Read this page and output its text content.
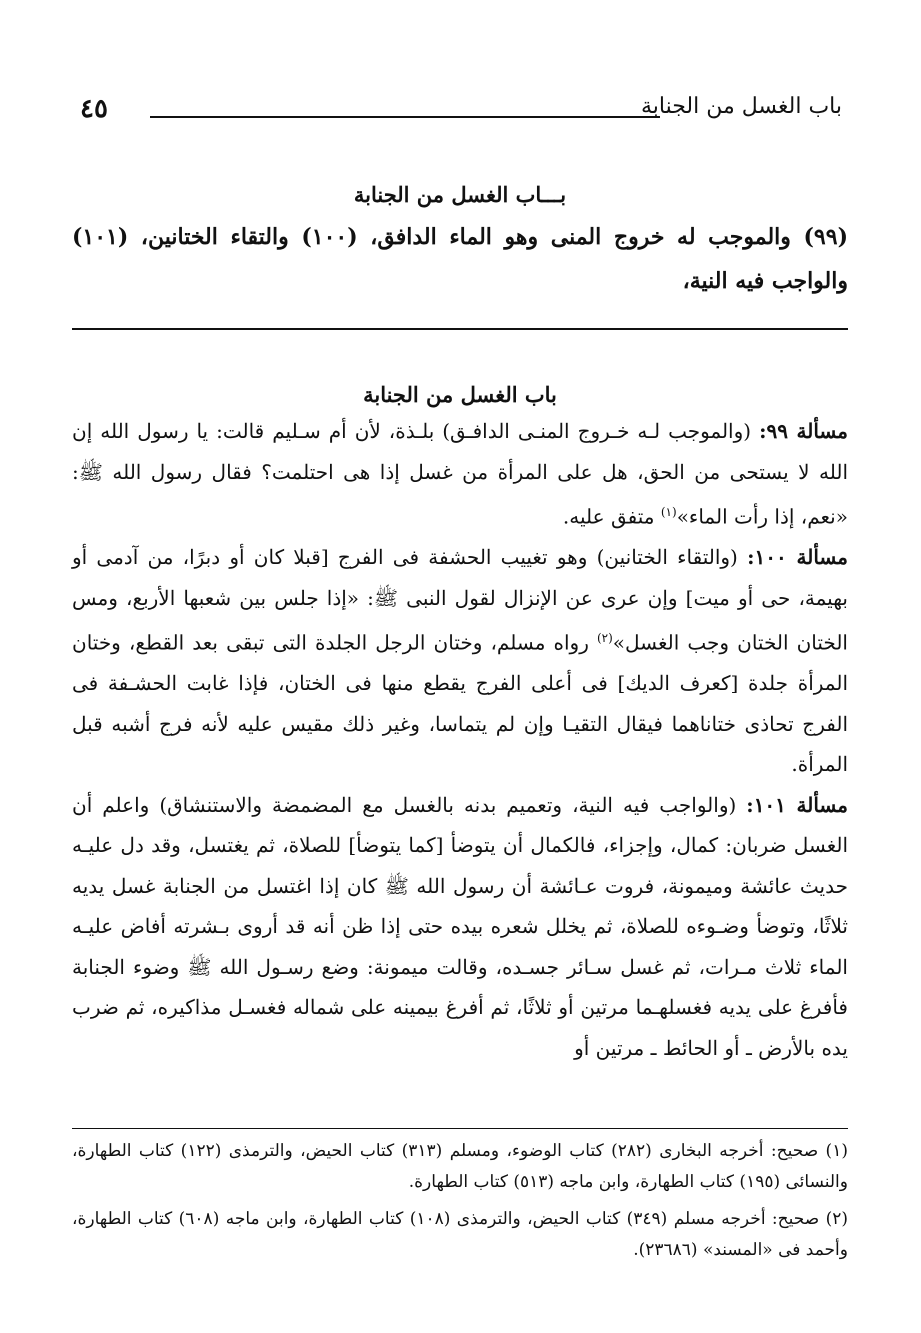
٤٥	باب الغسل من الجنابة
بـــاب الغسل من الجنابة
(٩٩) والموجب له خروج المنى وهو الماء الدافق، (١٠٠) والتقاء الختانين، (١٠١) والواجب فيه النية،
باب الغسل من الجنابة

مسألة ٩٩: (والموجب لـه خـروج المنـى الدافـق) بلـذة، لأن أم سـليم قالت: يا رسول الله إن الله لا يستحى من الحق، هل على المرأة من غسل إذا هى احتلمت؟ فقال رسول الله ﷺ: «نعم، إذا رأت الماء»$^{(١)}$ متفق عليه.

مسألة ١٠٠: (والتقاء الختانين) وهو تغييب الحشفة فى الفرج [قبلا كان أو دبرًا، من آدمى أو بهيمة، حى أو ميت] وإن عرى عن الإنزال لقول النبى ﷺ: «إذا جلس بين شعبها الأربع، ومس الختان الختان وجب الغسل»$^{(٢)}$ رواه مسلم، وختان الرجل الجلدة التى تبقى بعد القطع، وختان المرأة جلدة [كعرف الديك] فى أعلى الفرج يقطع منها فى الختان، فإذا غابت الحشـفة فى الفرج تحاذى ختاناهما فيقال التقيـا وإن لم يتماسا، وغير ذلك مقيس عليه لأنه فرج أشبه قبل المرأة.

مسألة ١٠١: (والواجب فيه النية، وتعميم بدنه بالغسل مع المضمضة والاستنشاق) واعلم أن الغسل ضربان: كمال، وإجزاء، فالكمال أن يتوضأ [كما يتوضأ] للصلاة، ثم يغتسل، وقد دل عليـه حديث عائشة وميمونة، فروت عـائشة أن رسول الله ﷺ كان إذا اغتسل من الجنابة غسل يديه ثلاثًا، وتوضأ وضـوءه للصلاة، ثم يخلل شعره بيده حتى إذا ظن أنه قد أروى بـشرته أفاض عليـه الماء ثلاث مـرات، ثم غسل سـائر جسـده، وقالت ميمونة: وضع رسـول الله ﷺ وضوء الجنابة فأفرغ على يديه فغسلهـما مرتين أو ثلاثًا، ثم أفرغ بيمينه على شماله فغسـل مذاكيره، ثم ضرب يده بالأرض ـ أو الحائط ـ مرتين أو

(١) صحيح: أخرجه البخارى (٢٨٢) كتاب الوضوء، ومسلم (٣١٣) كتاب الحيض، والترمذى (١٢٢) كتاب الطهارة، والنسائى (١٩٥) كتاب الطهارة، وابن ماجه (٥١٣) كتاب الطهارة.

(٢) صحيح: أخرجه مسلم (٣٤٩) كتاب الحيض، والترمذى (١٠٨) كتاب الطهارة، وابن ماجه (٦٠٨) كتاب الطهارة، وأحمد فى «المسند» (٢٣٦٨٦).
